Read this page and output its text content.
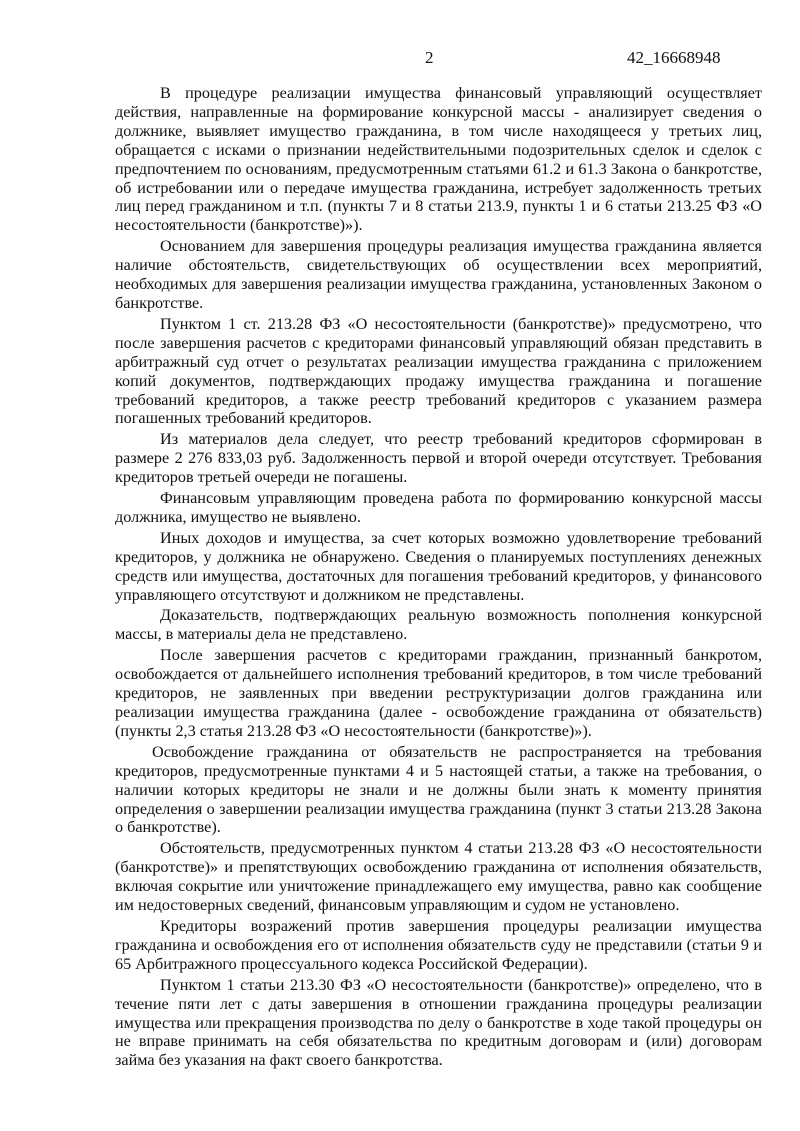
2	42_16668948

В процедуре реализации имущества финансовый управляющий осуществляет действия, направленные на формирование конкурсной массы - анализирует сведения о должнике, выявляет имущество гражданина, в том числе находящееся у третьих лиц, обращается с исками о признании недействительными подозрительных сделок и сделок с предпочтением по основаниям, предусмотренным статьями 61.2 и 61.3 Закона о банкротстве, об истребовании или о передаче имущества гражданина, истребует задолженность третьих лиц перед гражданином и т.п. (пункты 7 и 8 статьи 213.9, пункты 1 и 6 статьи 213.25 ФЗ «О несостоятельности (банкротстве)»).

Основанием для завершения процедуры реализация имущества гражданина является наличие обстоятельств, свидетельствующих об осуществлении всех мероприятий, необходимых для завершения реализации имущества гражданина, установленных Законом о банкротстве.

Пунктом 1 ст. 213.28 ФЗ «О несостоятельности (банкротстве)» предусмотрено, что после завершения расчетов с кредиторами финансовый управляющий обязан представить в арбитражный суд отчет о результатах реализации имущества гражданина с приложением копий документов, подтверждающих продажу имущества гражданина и погашение требований кредиторов, а также реестр требований кредиторов с указанием размера погашенных требований кредиторов.

Из материалов дела следует, что реестр требований кредиторов сформирован в размере 2 276 833,03 руб. Задолженность первой и второй очереди отсутствует. Требования кредиторов третьей очереди не погашены.

Финансовым управляющим проведена работа по формированию конкурсной массы должника, имущество не выявлено.

Иных доходов и имущества, за счет которых возможно удовлетворение требований кредиторов, у должника не обнаружено. Сведения о планируемых поступлениях денежных средств или имущества, достаточных для погашения требований кредиторов, у финансового управляющего отсутствуют и должником не представлены.

Доказательств, подтверждающих реальную возможность пополнения конкурсной массы, в материалы дела не представлено.

После завершения расчетов с кредиторами гражданин, признанный банкротом, освобождается от дальнейшего исполнения требований кредиторов, в том числе требований кредиторов, не заявленных при введении реструктуризации долгов гражданина или реализации имущества гражданина (далее - освобождение гражданина от обязательств) (пункты 2,3 статья 213.28 ФЗ «О несостоятельности (банкротстве)»).

Освобождение гражданина от обязательств не распространяется на требования кредиторов, предусмотренные пунктами 4 и 5 настоящей статьи, а также на требования, о наличии которых кредиторы не знали и не должны были знать к моменту принятия определения о завершении реализации имущества гражданина (пункт 3 статьи 213.28 Закона о банкротстве).

Обстоятельств, предусмотренных пунктом 4 статьи 213.28 ФЗ «О несостоятельности (банкротстве)» и препятствующих освобождению гражданина от исполнения обязательств, включая сокрытие или уничтожение принадлежащего ему имущества, равно как сообщение им недостоверных сведений, финансовым управляющим и судом не установлено.

Кредиторы возражений против завершения процедуры реализации имущества гражданина и освобождения его от исполнения обязательств суду не представили (статьи 9 и 65 Арбитражного процессуального кодекса Российской Федерации).

Пунктом 1 статьи 213.30 ФЗ «О несостоятельности (банкротстве)» определено, что в течение пяти лет с даты завершения в отношении гражданина процедуры реализации имущества или прекращения производства по делу о банкротстве в ходе такой процедуры он не вправе принимать на себя обязательства по кредитным договорам и (или) договорам займа без указания на факт своего банкротства.
